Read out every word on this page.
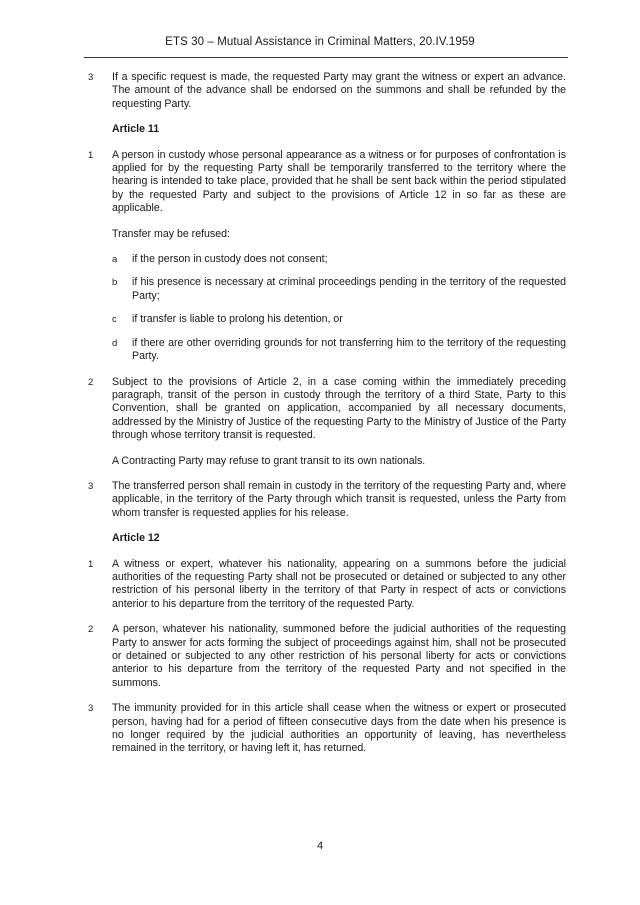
ETS 30 – Mutual Assistance in Criminal Matters, 20.IV.1959
3 If a specific request is made, the requested Party may grant the witness or expert an advance. The amount of the advance shall be endorsed on the summons and shall be refunded by the requesting Party.
Article 11
1 A person in custody whose personal appearance as a witness or for purposes of confrontation is applied for by the requesting Party shall be temporarily transferred to the territory where the hearing is intended to take place, provided that he shall be sent back within the period stipulated by the requested Party and subject to the provisions of Article 12 in so far as these are applicable.
Transfer may be refused:
a if the person in custody does not consent;
b if his presence is necessary at criminal proceedings pending in the territory of the requested Party;
c if transfer is liable to prolong his detention, or
d if there are other overriding grounds for not transferring him to the territory of the requesting Party.
2 Subject to the provisions of Article 2, in a case coming within the immediately preceding paragraph, transit of the person in custody through the territory of a third State, Party to this Convention, shall be granted on application, accompanied by all necessary documents, addressed by the Ministry of Justice of the requesting Party to the Ministry of Justice of the Party through whose territory transit is requested.
A Contracting Party may refuse to grant transit to its own nationals.
3 The transferred person shall remain in custody in the territory of the requesting Party and, where applicable, in the territory of the Party through which transit is requested, unless the Party from whom transfer is requested applies for his release.
Article 12
1 A witness or expert, whatever his nationality, appearing on a summons before the judicial authorities of the requesting Party shall not be prosecuted or detained or subjected to any other restriction of his personal liberty in the territory of that Party in respect of acts or convictions anterior to his departure from the territory of the requested Party.
2 A person, whatever his nationality, summoned before the judicial authorities of the requesting Party to answer for acts forming the subject of proceedings against him, shall not be prosecuted or detained or subjected to any other restriction of his personal liberty for acts or convictions anterior to his departure from the territory of the requested Party and not specified in the summons.
3 The immunity provided for in this article shall cease when the witness or expert or prosecuted person, having had for a period of fifteen consecutive days from the date when his presence is no longer required by the judicial authorities an opportunity of leaving, has nevertheless remained in the territory, or having left it, has returned.
4
